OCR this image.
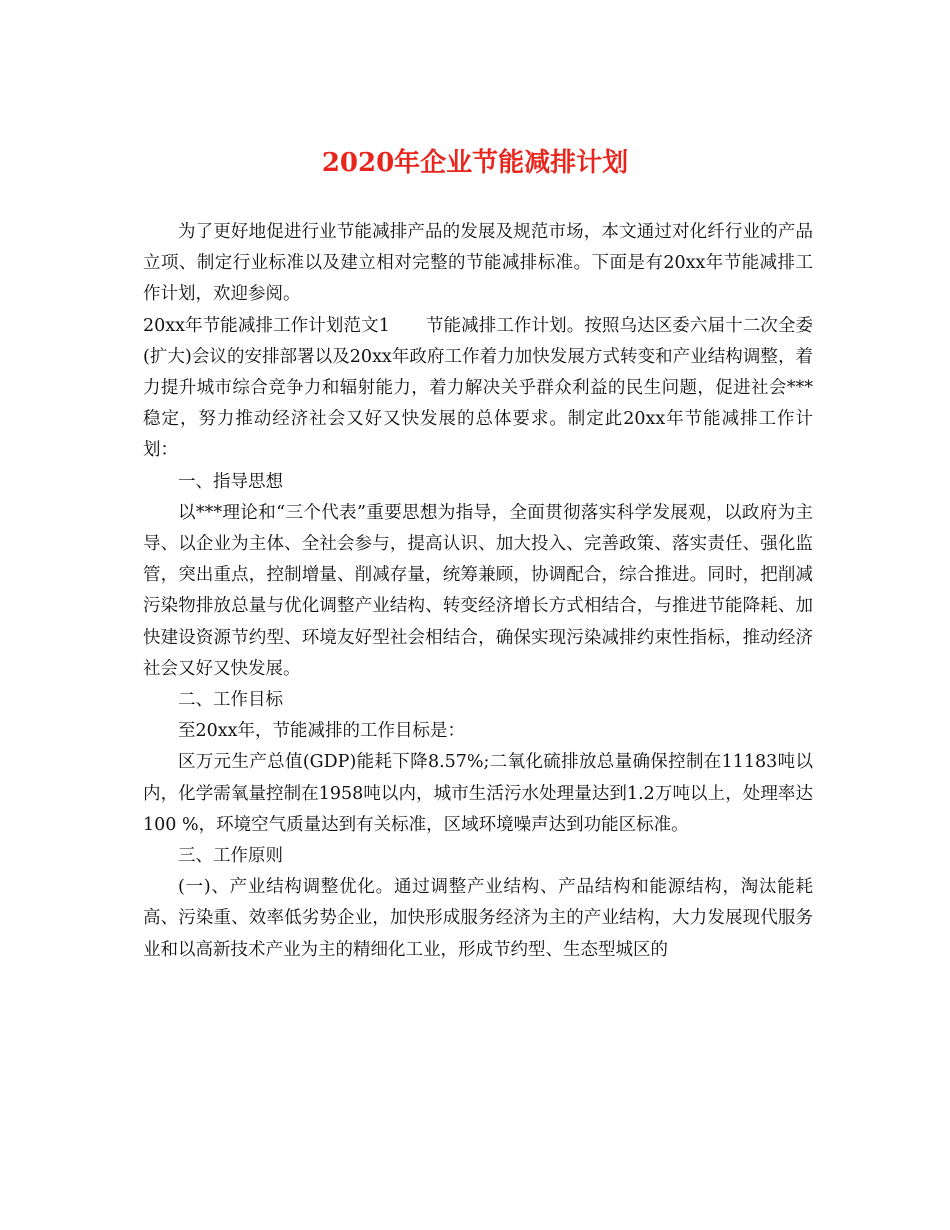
2020年企业节能减排计划

为了更好地促进行业节能减排产品的发展及规范市场，本文通过对化纤行业的产品立项、制定行业标准以及建立相对完整的节能减排标准。下面是有20xx年节能减排工作计划，欢迎参阅。

20xx年节能减排工作计划范文1 节能减排工作计划。按照乌达区委六届十二次全委(扩大)会议的安排部署以及20xx年政府工作着力加快发展方式转变和产业结构调整，着力提升城市综合竞争力和辐射能力，着力解决关乎群众利益的民生问题，促进社会***稳定，努力推动经济社会又好又快发展的总体要求。制定此20xx年节能减排工作计划：

一、指导思想

以***理论和“三个代表”重要思想为指导，全面贯彻落实科学发展观，以政府为主导、以企业为主体、全社会参与，提高认识、加大投入、完善政策、落实责任、强化监管，突出重点，控制增量、削减存量，统筹兼顾，协调配合，综合推进。同时，把削减污染物排放总量与优化调整产业结构、转变经济增长方式相结合，与推进节能降耗、加快建设资源节约型、环境友好型社会相结合，确保实现污染减排约束性指标，推动经济社会又好又快发展。

二、工作目标

至20xx年，节能减排的工作目标是：

区万元生产总值(GDP)能耗下降8.57%;二氧化硫排放总量确保控制在11183吨以内，化学需氧量控制在1958吨以内，城市生活污水处理量达到1.2万吨以上，处理率达100 %，环境空气质量达到有关标准，区域环境噪声达到功能区标准。

三、工作原则

(一)、产业结构调整优化。通过调整产业结构、产品结构和能源结构，淘汰能耗高、污染重、效率低劣势企业，加快形成服务经济为主的产业结构，大力发展现代服务业和以高新技术产业为主的精细化工业，形成节约型、生态型城区的
